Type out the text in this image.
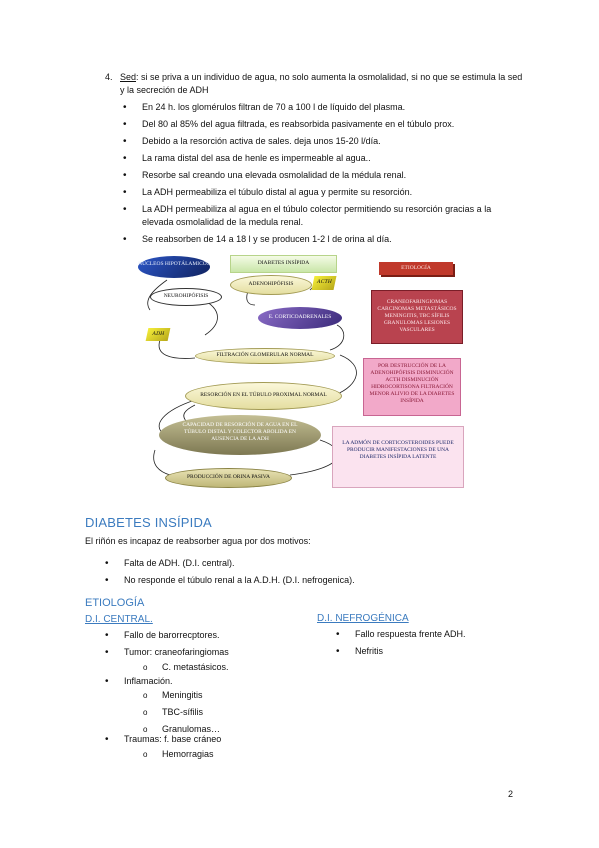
4. Sed: si se priva a un individuo de agua, no solo aumenta la osmolalidad, si no que se estimula la sed y la secreción de ADH
• En 24 h. los glomérulos filtran de 70 a 100 l de líquido del plasma.
• Del 80 al 85% del agua filtrada, es reabsorbida pasivamente en el túbulo prox.
• Debido a la resorción activa de sales. deja unos 15-20 l/día.
• La rama distal del asa de henle es impermeable al agua..
• Resorbe sal creando una elevada osmolalidad de la médula renal.
• La ADH permeabiliza el túbulo distal al agua y permite su resorción.
• La ADH permeabiliza al agua en el túbulo colector permitiendo su resorción gracias a la elevada osmolalidad de la medula renal.
• Se reabsorben de 14 a 18 l y se producen 1-2 l de orina al día.
NÚCLEOS HIPOTÁLAMICOS	DIABETES INSÍPIDA
ETIOLOGÍA
ADENOHIPÓFISIS	ACTH
NEUROHIPÓFISIS
CRANEOFARINGIOMAS CARCINOMAS METASTÁSICOS MENINGITIS, TBC SÍFILIS GRANULOMAS LESIONES VASCULARES
E. CORTICOADRENALES
ADH
FILTRACIÓN GLOMERULAR NORMAL
POR DESTRUCCIÓN DE LA ADENOHIPÓFISIS DISMINUCIÓN ACTH DISMINUCIÓN HIDROCORTISONA FILTRACIÓN MENOR ALIVIO DE LA DIABETES INSÍPIDA
RESORCIÓN EN EL TÚBULO PROXIMAL NORMAL
CAPACIDAD DE RESORCIÓN DE AGUA EN EL TÚBULO DISTAL Y COLECTOR ABOLIDA EN AUSENCIA DE LA ADH
LA ADMÓN DE CORTICOSTEROIDES PUEDE PRODUCIR MANIFESTACIONES DE UNA DIABETES INSÍPIDA LATENTE
PRODUCCIÓN DE ORINA PASIVA
DIABETES INSÍPIDA
El riñón es incapaz de reabsorber agua por dos motivos:
• Falta de ADH. (D.I. central).
• No responde el túbulo renal a la A.D.H. (D.I. nefrogenica).
ETIOLOGÍA
D.I. CENTRAL.	D.I. NEFROGÉNICA
• Fallo de barorrecptores.
• Tumor: craneofaringiomas
o C. metastásicos.
• Inflamación.
o Meningitis
o TBC-sífilis
o Granulomas…
• Traumas: f. base cráneo
o Hemorragias
• Fallo respuesta frente ADH.
• Nefritis
2
